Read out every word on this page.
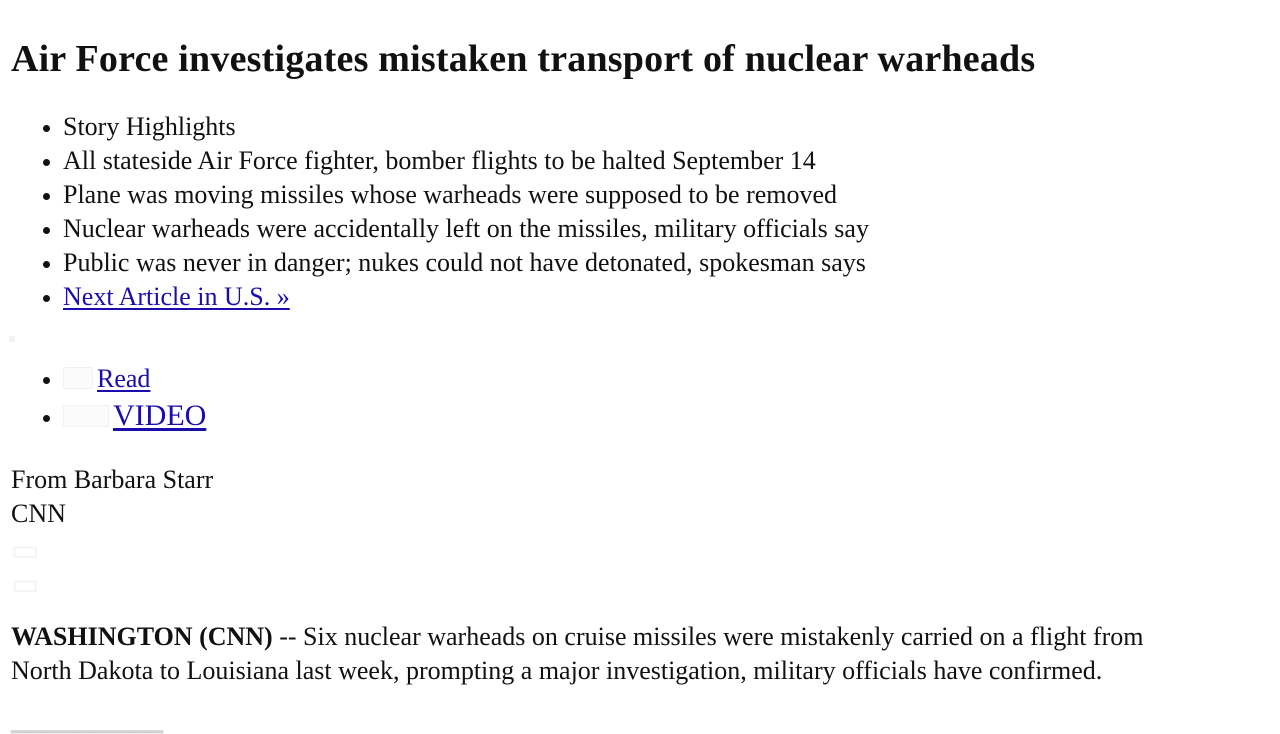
Air Force investigates mistaken transport of nuclear warheads
• Story Highlights
• All stateside Air Force fighter, bomber flights to be halted September 14
• Plane was moving missiles whose warheads were supposed to be removed
• Nuclear warheads were accidentally left on the missiles, military officials say
• Public was never in danger; nukes could not have detonated, spokesman says
• Next Article in U.S. »
• Read
• VIDEO
From Barbara Starr
CNN
▭
▭
WASHINGTON (CNN) -- Six nuclear warheads on cruise missiles were mistakenly carried on a flight from
North Dakota to Louisiana last week, prompting a major investigation, military officials have confirmed.
▁▁▁▁▁▁▁▁▁
